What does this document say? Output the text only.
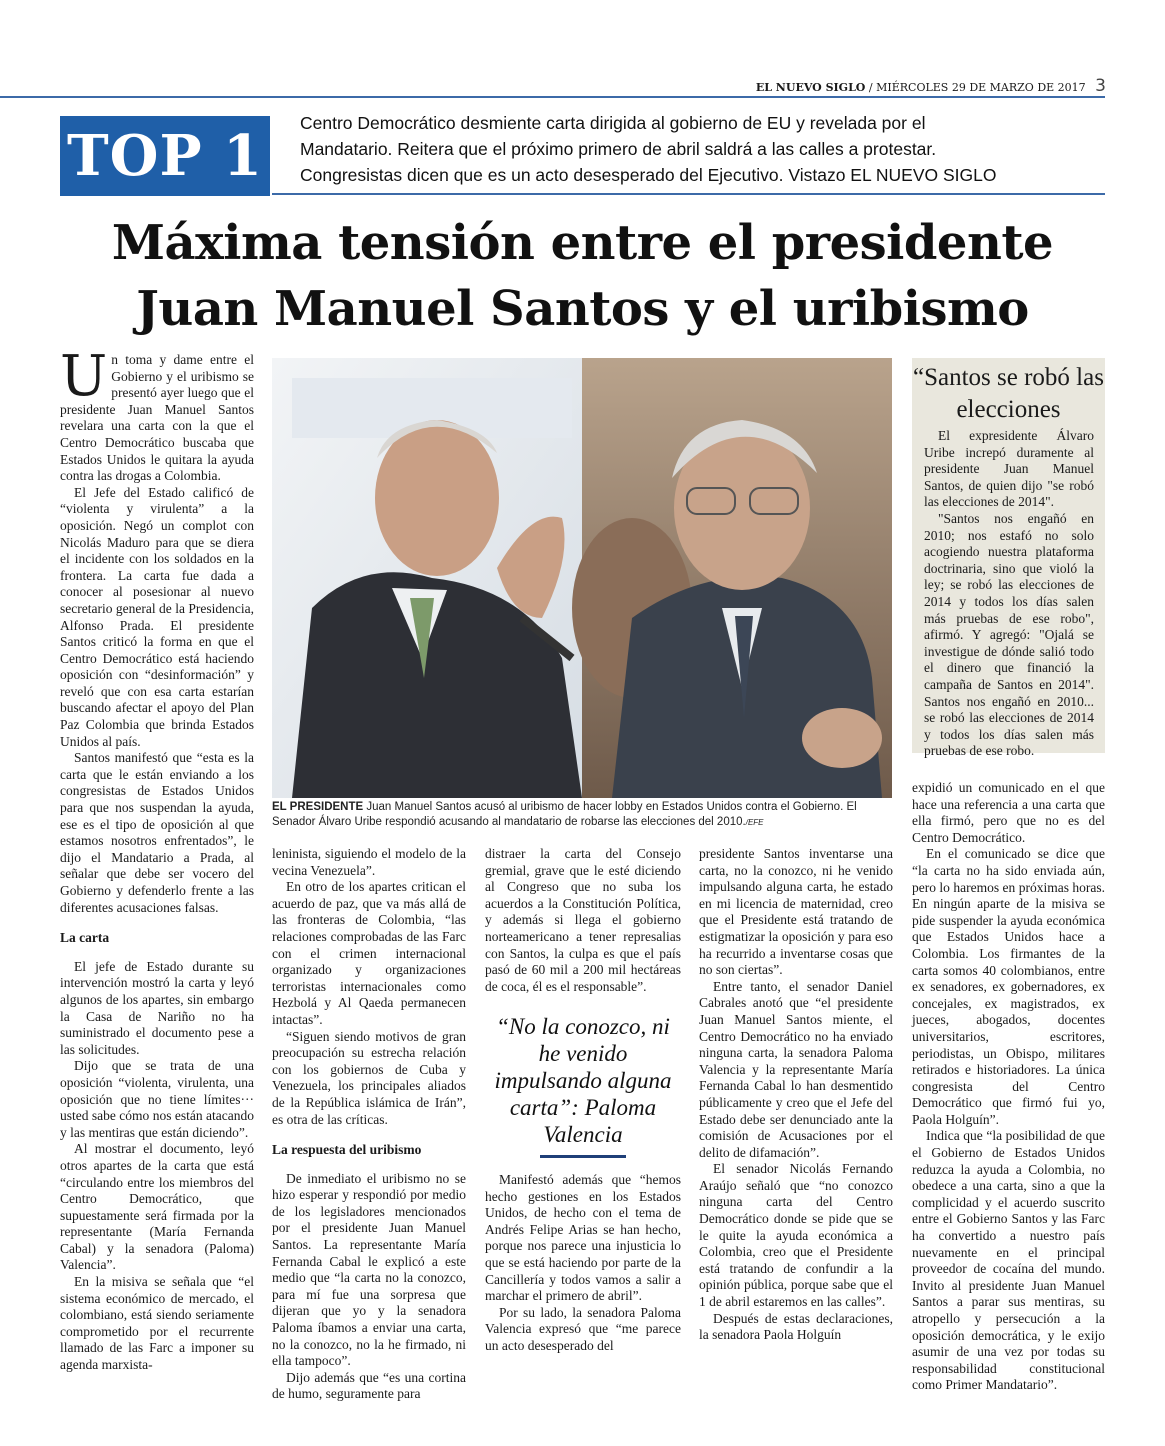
EL NUEVO SIGLO / MIÉRCOLES 29 DE MARZO DE 2017 3
TOP 1	Centro Democrático desmiente carta dirigida al gobierno de EU y revelada por el
Mandatario. Reitera que el próximo primero de abril saldrá a las calles a protestar.
Congresistas dicen que es un acto desesperado del Ejecutivo. Vistazo EL NUEVO SIGLO
Máxima tensión entre el presidente
Juan Manuel Santos y el uribismo
U n toma y dame entre el Gobierno y el uribismo se presentó ayer luego que el presidente Juan Manuel Santos revelara una carta con la que el Centro Democrático buscaba que Estados Unidos le quitara la ayuda contra las drogas a Colombia.

El Jefe del Estado calificó de “violenta y virulenta” a la oposición. Negó un complot con Nicolás Maduro para que se diera el incidente con los soldados en la frontera. La carta fue dada a conocer al posesionar al nuevo secretario general de la Presidencia, Alfonso Prada. El presidente Santos criticó la forma en que el Centro Democrático está haciendo oposición con “desinformación” y reveló que con esa carta estarían buscando afectar el apoyo del Plan Paz Colombia que brinda Estados Unidos al país.

Santos manifestó que “esta es la carta que le están enviando a los congresistas de Estados Unidos para que nos suspendan la ayuda, ese es el tipo de oposición al que estamos nosotros enfrentados”, le dijo el Mandatario a Prada, al señalar que debe ser vocero del Gobierno y defenderlo frente a las diferentes acusaciones falsas.

La carta

El jefe de Estado durante su intervención mostró la carta y leyó algunos de los apartes, sin embargo la Casa de Nariño no ha suministrado el documento pese a las solicitudes.

Dijo que se trata de una oposición “violenta, virulenta, una oposición que no tiene límites··· usted sabe cómo nos están atacando y las mentiras que están diciendo”.

Al mostrar el documento, leyó otros apartes de la carta que está “circulando entre los miembros del Centro Democrático, que supuestamente será firmada por la representante (María Fernanda Cabal) y la senadora (Paloma) Valencia”.

En la misiva se señala que “el sistema económico de mercado, el colombiano, está siendo seriamente comprometido por el recurrente llamado de las Farc a imponer su agenda marxista-

EL PRESIDENTE Juan Manuel Santos acusó al uribismo de hacer lobby en Estados Unidos contra el Gobierno. El Senador Álvaro Uribe respondió acusando al mandatario de robarse las elecciones del 2010./EFE
“Santos se robó las elecciones

El expresidente Álvaro Uribe increpó duramente al presidente Juan Manuel Santos, de quien dijo "se robó las elecciones de 2014".

"Santos nos engañó en 2010; nos estafó no solo acogiendo nuestra plataforma doctrinaria, sino que violó la ley; se robó las elecciones de 2014 y todos los días salen más pruebas de ese robo", afirmó. Y agregó: "Ojalá se investigue de dónde salió todo el dinero que financió la campaña de Santos en 2014". Santos nos engañó en 2010... se robó las elecciones de 2014 y todos los días salen más pruebas de ese robo.

leninista, siguiendo el modelo de la vecina Venezuela”.

En otro de los apartes critican el acuerdo de paz, que va más allá de las fronteras de Colombia, “las relaciones comprobadas de las Farc con el crimen internacional organizado y organizaciones terroristas internacionales como Hezbolá y Al Qaeda permanecen intactas”.

“Siguen siendo motivos de gran preocupación su estrecha relación con los gobiernos de Cuba y Venezuela, los principales aliados de la República islámica de Irán”, es otra de las críticas.

La respuesta del uribismo

De inmediato el uribismo no se hizo esperar y respondió por medio de los legisladores mencionados por el presidente Juan Manuel Santos. La representante María Fernanda Cabal le explicó a este medio que “la carta no la conozco, para mí fue una sorpresa que dijeran que yo y la senadora Paloma íbamos a enviar una carta, no la conozco, no la he firmado, ni ella tampoco”.

Dijo además que “es una cortina de humo, seguramente para

distraer la carta del Consejo gremial, grave que le esté diciendo al Congreso que no suba los acuerdos a la Constitución Política, y además si llega el gobierno norteamericano a tener represalias con Santos, la culpa es que el país pasó de 60 mil a 200 mil hectáreas de coca, él es el responsable”.

“No la conozco, ni he venido impulsando alguna carta”: Paloma Valencia

Manifestó además que “hemos hecho gestiones en los Estados Unidos, de hecho con el tema de Andrés Felipe Arias se han hecho, porque nos parece una injusticia lo que se está haciendo por parte de la Cancillería y todos vamos a salir a marchar el primero de abril”.

Por su lado, la senadora Paloma Valencia expresó que “me parece un acto desesperado del

presidente Santos inventarse una carta, no la conozco, ni he venido impulsando alguna carta, he estado en mi licencia de maternidad, creo que el Presidente está tratando de estigmatizar la oposición y para eso ha recurrido a inventarse cosas que no son ciertas”.

Entre tanto, el senador Daniel Cabrales anotó que “el presidente Juan Manuel Santos miente, el Centro Democrático no ha enviado ninguna carta, la senadora Paloma Valencia y la representante María Fernanda Cabal lo han desmentido públicamente y creo que el Jefe del Estado debe ser denunciado ante la comisión de Acusaciones por el delito de difamación”.

El senador Nicolás Fernando Araújo señaló que “no conozco ninguna carta del Centro Democrático donde se pide que se le quite la ayuda económica a Colombia, creo que el Presidente está tratando de confundir a la opinión pública, porque sabe que el 1 de abril estaremos en las calles”.

Después de estas declaraciones, la senadora Paola Holguín

expidió un comunicado en el que hace una referencia a una carta que ella firmó, pero que no es del Centro Democrático.

En el comunicado se dice que “la carta no ha sido enviada aún, pero lo haremos en próximas horas. En ningún aparte de la misiva se pide suspender la ayuda económica que Estados Unidos hace a Colombia. Los firmantes de la carta somos 40 colombianos, entre ex senadores, ex gobernadores, ex concejales, ex magistrados, ex jueces, abogados, docentes universitarios, escritores, periodistas, un Obispo, militares retirados e historiadores. La única congresista del Centro Democrático que firmó fui yo, Paola Holguín”.

Indica que “la posibilidad de que el Gobierno de Estados Unidos reduzca la ayuda a Colombia, no obedece a una carta, sino a que la complicidad y el acuerdo suscrito entre el Gobierno Santos y las Farc ha convertido a nuestro país nuevamente en el principal proveedor de cocaína del mundo. Invito al presidente Juan Manuel Santos a parar sus mentiras, su atropello y persecución a la oposición democrática, y le exijo asumir de una vez por todas su responsabilidad constitucional como Primer Mandatario”.
